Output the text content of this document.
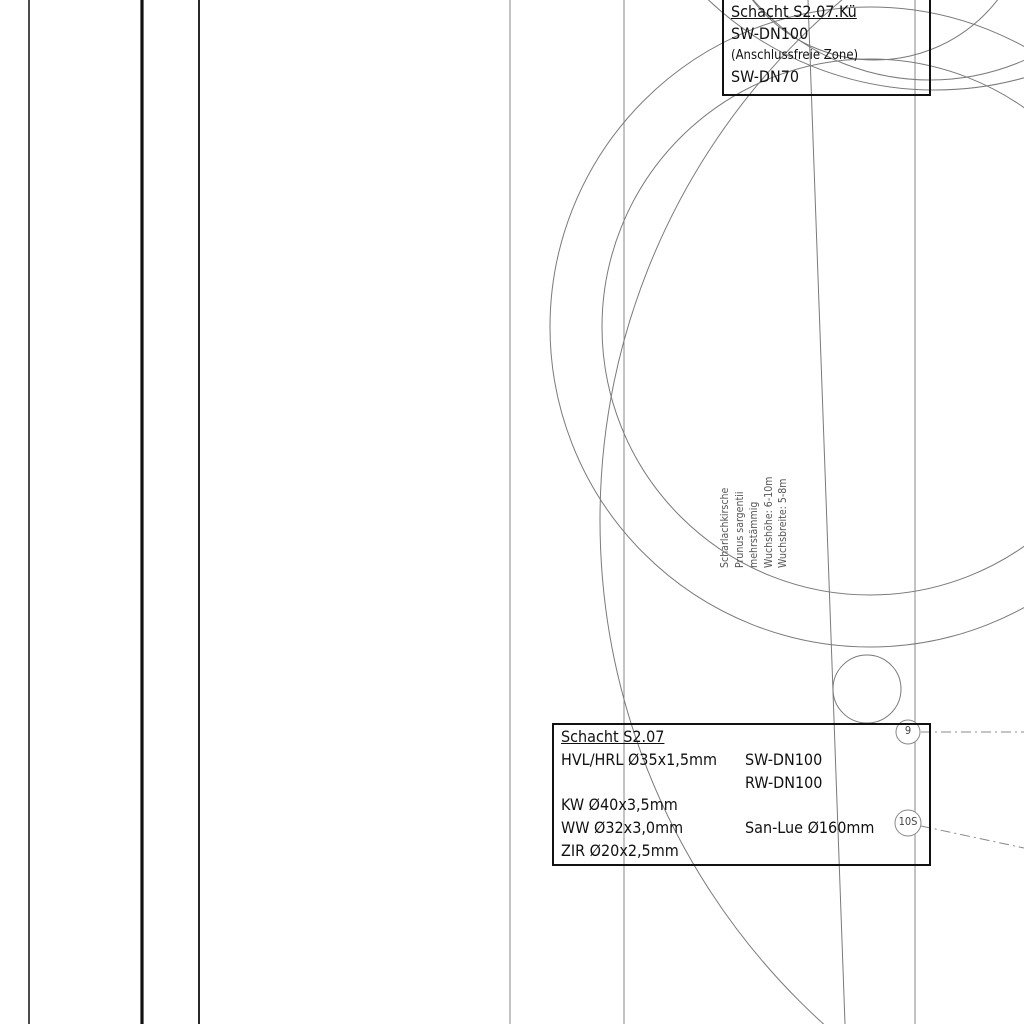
9
10S
Schacht S2.07.Kü
SW-DN100
(Anschlussfreie Zone)
SW-DN70
Schacht S2.07
HVL/HRL Ø35x1,5mm SW-DN100
RW-DN100
KW Ø40x3,5mm
WW Ø32x3,0mm	San-Lue Ø160mm
ZIR Ø20x2,5mm
Scharlachkirsche Prunus sargentii mehrstämmig Wuchshöhe: 6-10m Wuchsbreite: 5-8m
